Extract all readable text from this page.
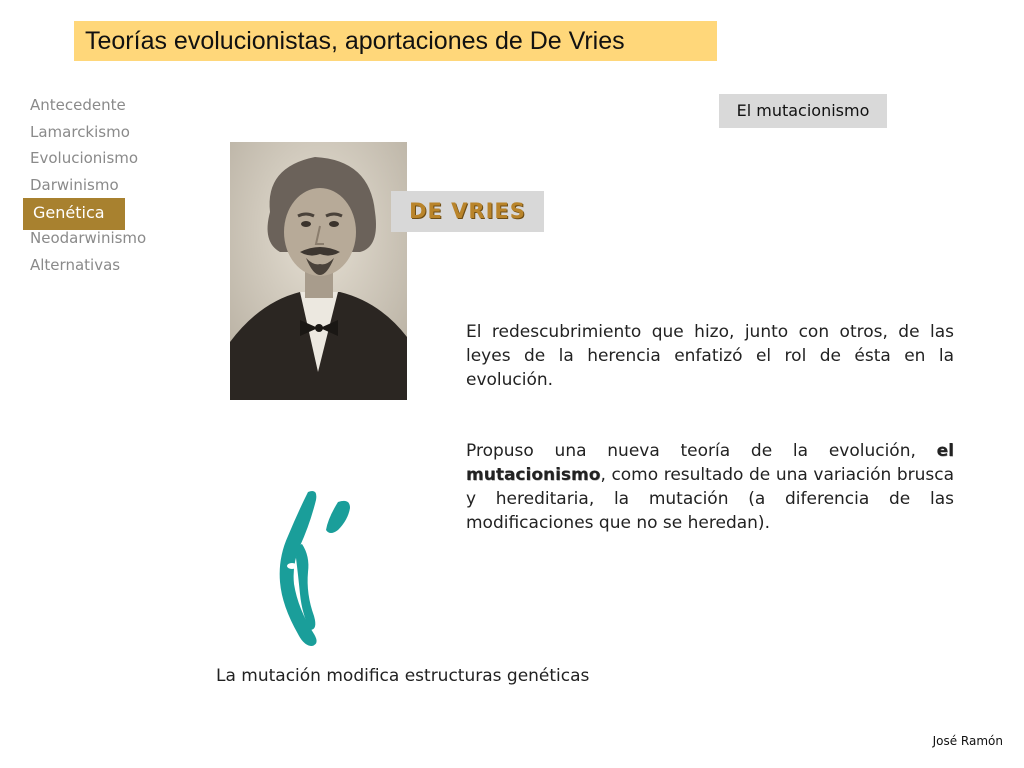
Teorías evolucionistas, aportaciones de De Vries
Antecedente
Lamarckismo
Evolucionismo
Darwinismo
Genética
Neodarwinismo
Alternativas
El mutacionismo
DE VRIES
El redescubrimiento que hizo, junto con otros, de las leyes de la herencia enfatizó el rol de ésta en la evolución.
Propuso una nueva teoría de la evolución, el mutacionismo, como resultado de una variación brusca y hereditaria, la mutación (a diferencia de las modificaciones que no se heredan).
La mutación modifica estructuras genéticas
José Ramón
